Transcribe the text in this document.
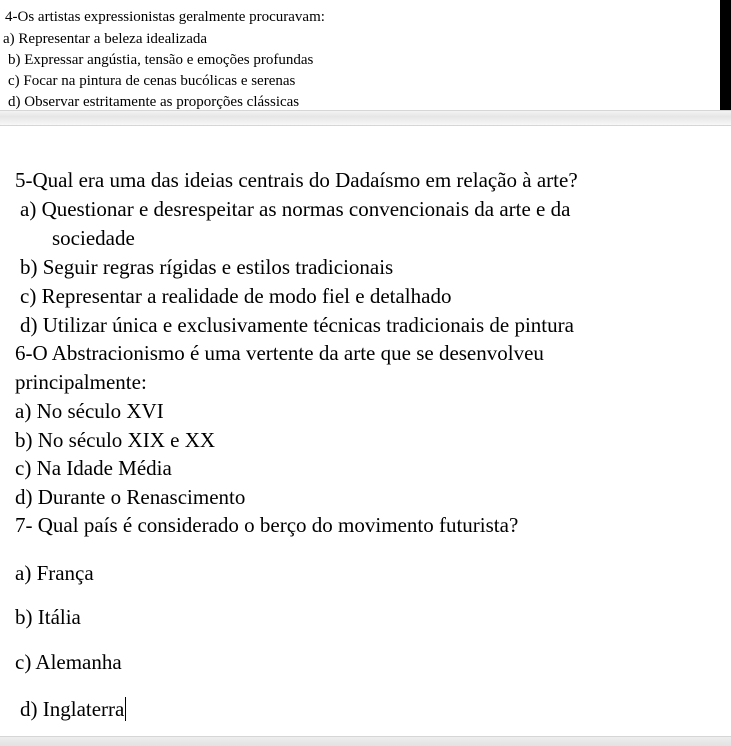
4-Os artistas expressionistas geralmente procuravam:
a) Representar a beleza idealizada
b) Expressar angústia, tensão e emoções profundas
c) Focar na pintura de cenas bucólicas e serenas
d) Observar estritamente as proporções clássicas
5-Qual era uma das ideias centrais do Dadaísmo em relação à arte?
a) Questionar e desrespeitar as normas convencionais da arte e da
sociedade
b) Seguir regras rígidas e estilos tradicionais
c) Representar a realidade de modo fiel e detalhado
d) Utilizar única e exclusivamente técnicas tradicionais de pintura
6-O Abstracionismo é uma vertente da arte que se desenvolveu
principalmente:
a) No século XVI
b) No século XIX e XX
c) Na Idade Média
d) Durante o Renascimento
7- Qual país é considerado o berço do movimento futurista?
a) França
b) Itália
c) Alemanha
d) Inglaterra
